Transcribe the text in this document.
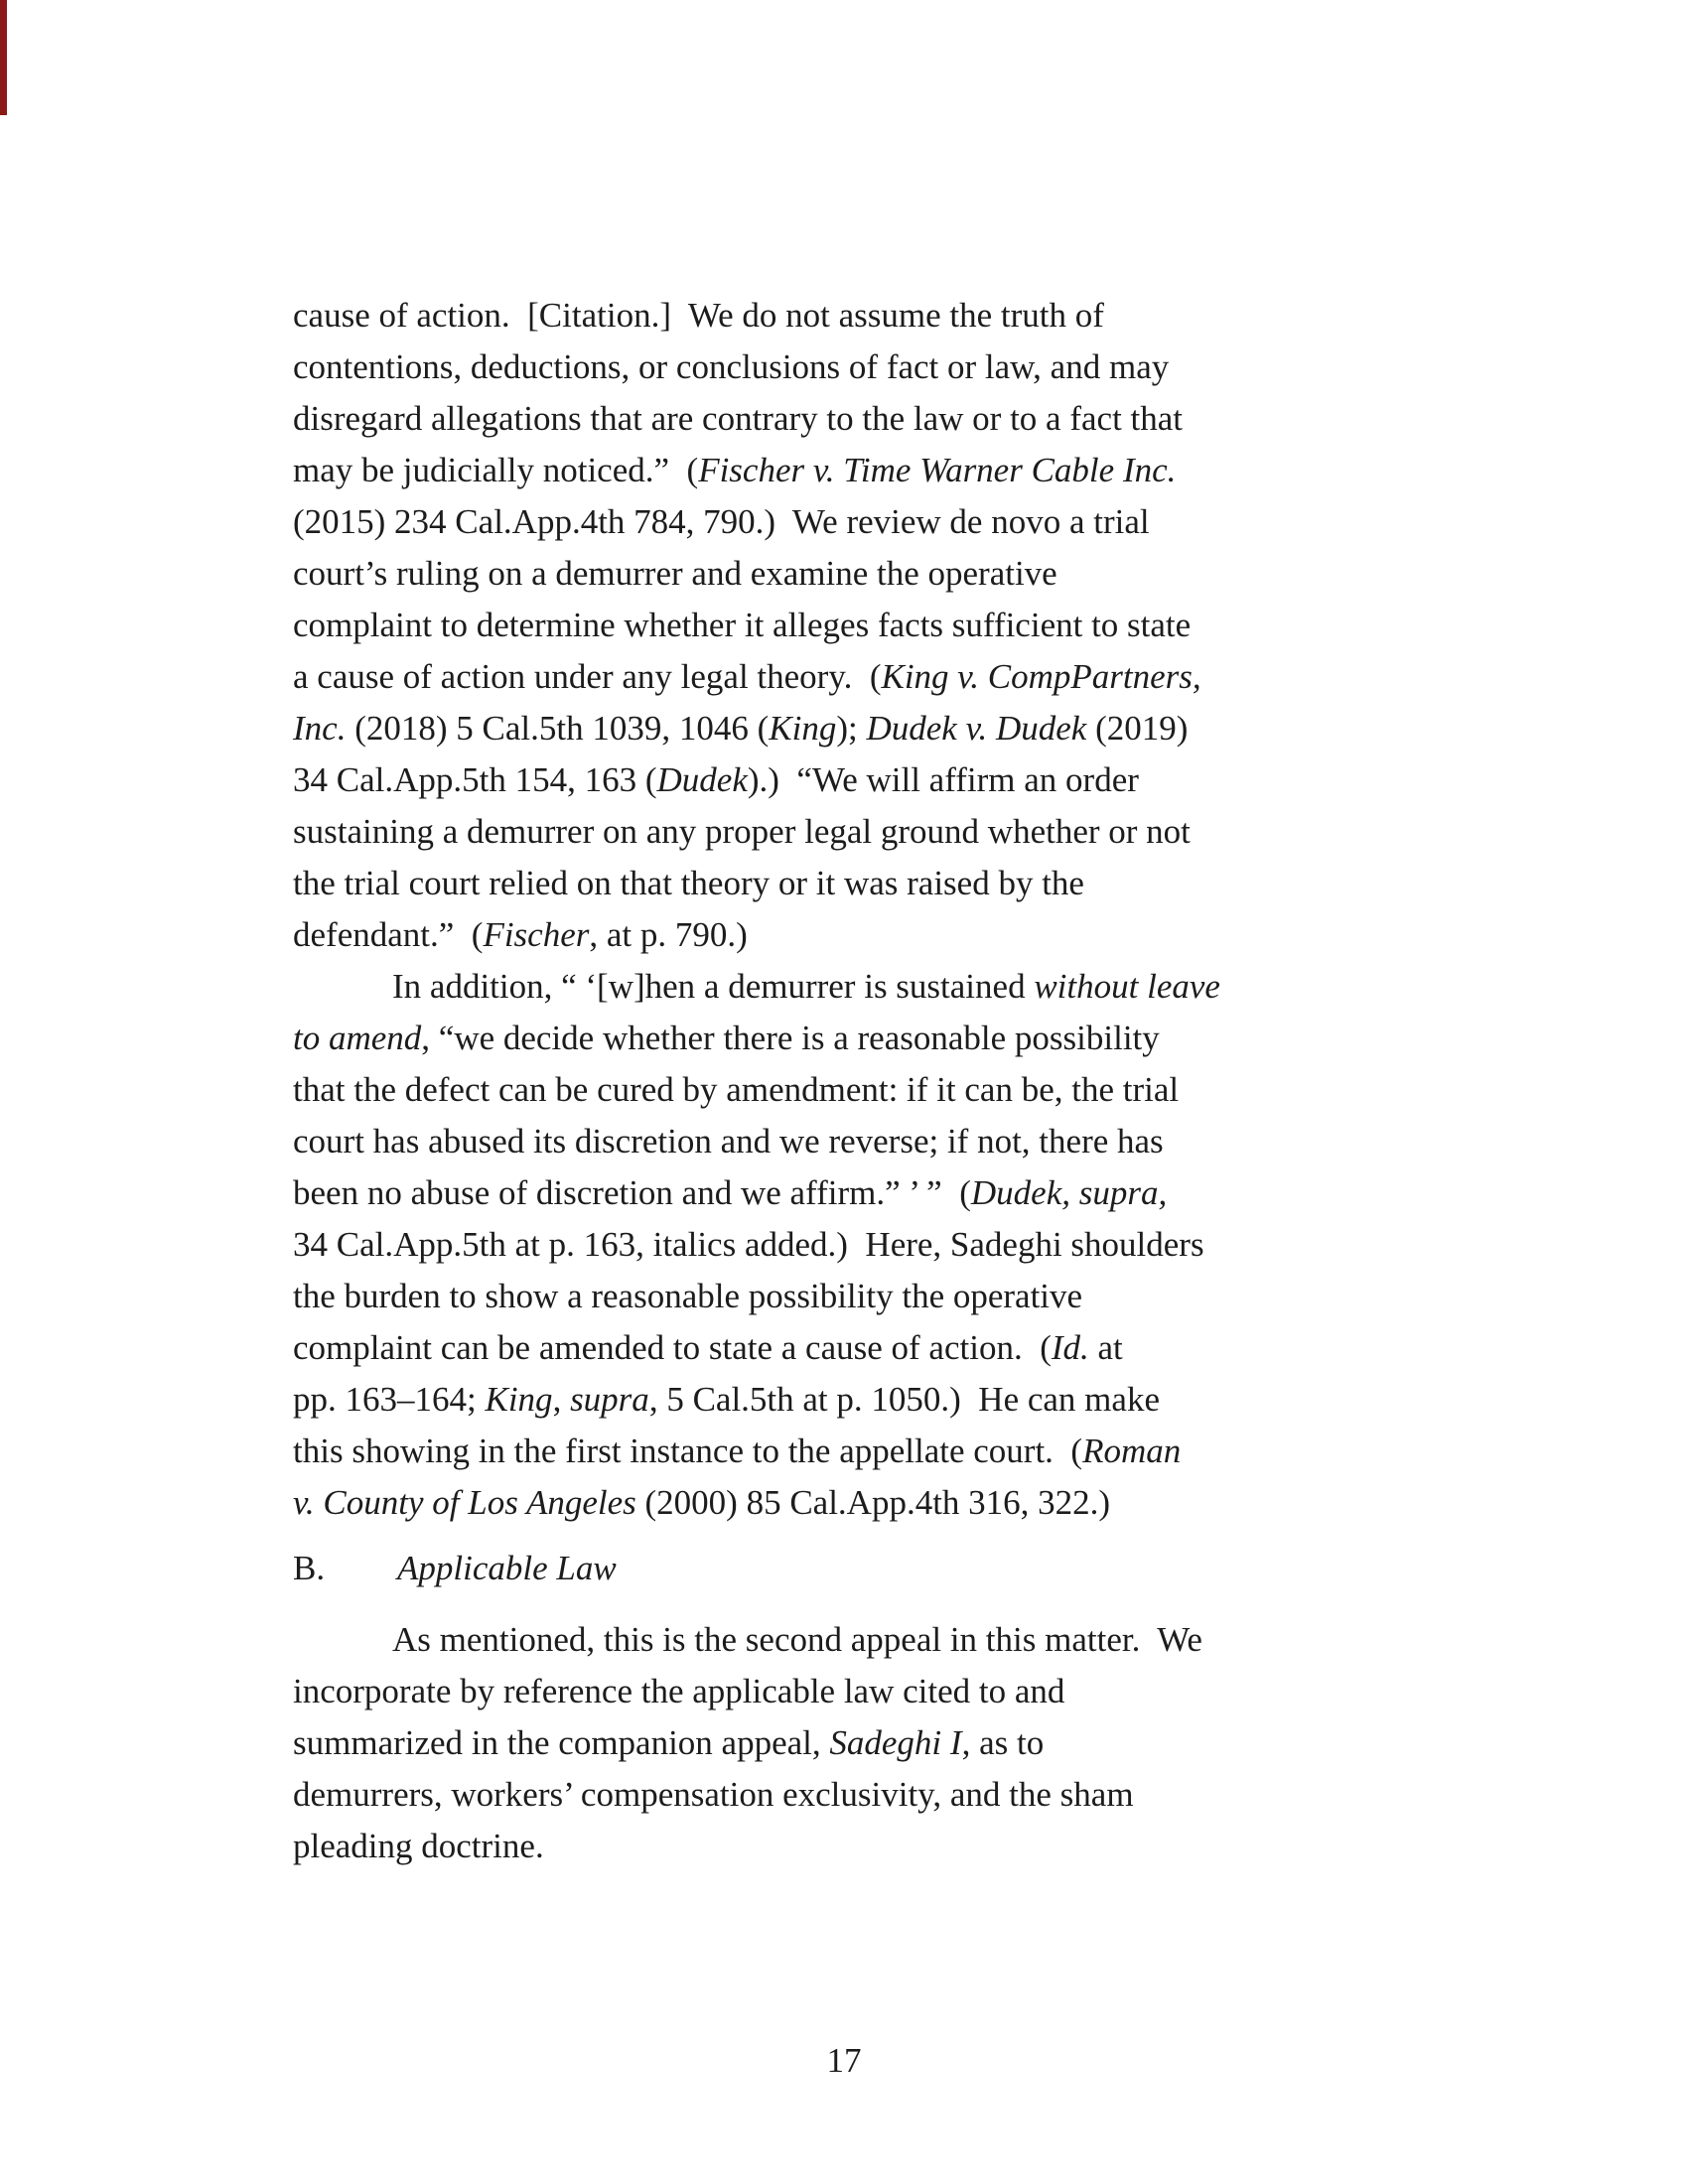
cause of action.  [Citation.]  We do not assume the truth of
contentions, deductions, or conclusions of fact or law, and may
disregard allegations that are contrary to the law or to a fact that
may be judicially noticed.”  (Fischer v. Time Warner Cable Inc.
(2015) 234 Cal.App.4th 784, 790.)  We review de novo a trial
court’s ruling on a demurrer and examine the operative
complaint to determine whether it alleges facts sufficient to state
a cause of action under any legal theory.  (King v. CompPartners,
Inc. (2018) 5 Cal.5th 1039, 1046 (King); Dudek v. Dudek (2019)
34 Cal.App.5th 154, 163 (Dudek).)  “We will affirm an order
sustaining a demurrer on any proper legal ground whether or not
the trial court relied on that theory or it was raised by the
defendant.”  (Fischer, at p. 790.)
In addition, “ ‘[w]hen a demurrer is sustained without leave
to amend, “we decide whether there is a reasonable possibility
that the defect can be cured by amendment: if it can be, the trial
court has abused its discretion and we reverse; if not, there has
been no abuse of discretion and we affirm.” ’ ”  (Dudek, supra,
34 Cal.App.5th at p. 163, italics added.)  Here, Sadeghi shoulders
the burden to show a reasonable possibility the operative
complaint can be amended to state a cause of action.  (Id. at
pp. 163–164; King, supra, 5 Cal.5th at p. 1050.)  He can make
this showing in the first instance to the appellate court.  (Roman
v. County of Los Angeles (2000) 85 Cal.App.4th 316, 322.)
B. Applicable Law
As mentioned, this is the second appeal in this matter.  We
incorporate by reference the applicable law cited to and
summarized in the companion appeal, Sadeghi I, as to
demurrers, workers’ compensation exclusivity, and the sham
pleading doctrine.
17
